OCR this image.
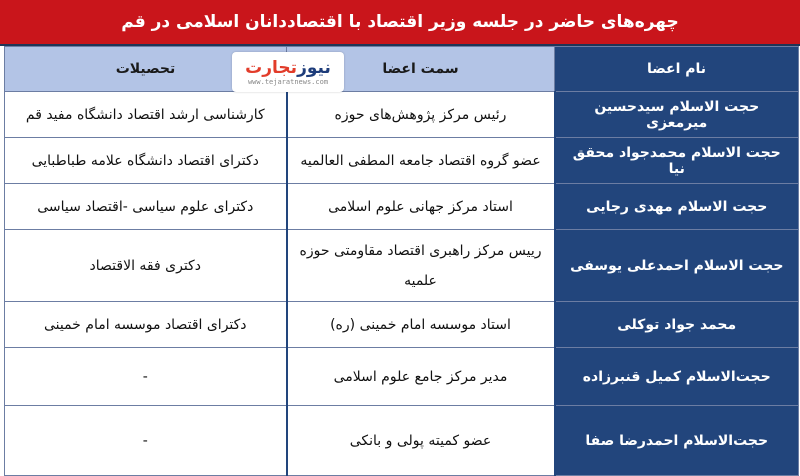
چهره‌های حاضر در جلسه وزیر اقتصاد با اقتصاددانان اسلامی در قم
نام اعضا	سمت اعضا	تحصیلات
حجت الاسلام سیدحسین میرمعزی	رئیس مرکز پژوهش‌های حوزه	کارشناسی ارشد اقتصاد دانشگاه مفید قم
حجت الاسلام محمدجواد محقق نیا	عضو گروه اقتصاد جامعه المطفی العالمیه	دکترای اقتصاد دانشگاه علامه طباطبایی
حجت الاسلام مهدی رجایی	استاد مرکز جهانی علوم اسلامی	دکترای علوم سیاسی -اقتصاد سیاسی
حجت الاسلام احمدعلی یوسفی	رییس مرکز راهبری اقتصاد مقاومتی حوزه علمیه	دکتری فقه الاقتصاد
محمد جواد توکلی	استاد موسسه امام خمینی (ره)	دکترای اقتصاد موسسه امام خمینی
حجت‌الاسلام کمیل قنبرزاده	مدیر مرکز جامع علوم اسلامی	-
حجت‌الاسلام احمدرضا صفا	عضو کمیته پولی و بانکی	-
نیوزتجارت
www.tejaratnews.com
